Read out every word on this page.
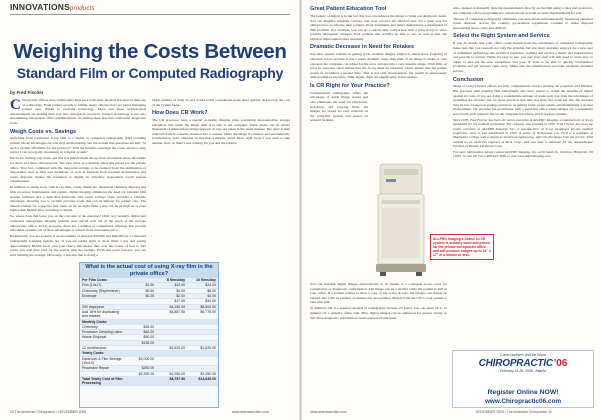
INNOVATIONSproducts
Weighing the Costs Between
Standard Film or Computed Radiography
by Fred Fischer

Chiropractic offices have traditionally kept pace with other medical practices in their use of technology. From patient records to billing, many chiropractors are better managing patient care, thanks to evolving technology. More and more technological advancements are making their way into chiropractic practices. Today's technology is not only streamlining chiropractic office administration, it's arming these practices with better diagnostic tools.

Weigh Costs vs. Savings

Switching from traditional X-ray film to a digital or computed radiography (CR) scanning system whose advantages are vast may seem enticing, but the bottom line questions are still, "Is such a system affordable for my practice?" Will the benefits outweigh the costs; and how long before I can recoup my investment in a digital system?

Prices are coming way down and that has helped make the up-front investment more affordable for more and more chiropractors. The new price of a desktop sized and priced for the private office. That fact, combined with the long-term savings to be realized from the elimination of disposables such as film and chemicals, as well as freedom from frequent maintenance and waste disposal, makes the transition to digital an attractive proposition worth serious consideration.

In addition to doing away with X-ray film, costly chemicals, hazardous chemical disposal and film processor maintenance and repairs, digital imaging eliminates the need for valuable film storage facilities and a dedicated darkroom. The space savings alone provides a valuable advantage, allowing you to reclaim precious room that can be utilized for patient care. The annual savings for a practice that takes an for an eight films a day can be as high as or even higher than $9,000 after switching to digital.

So, where does that leave you on the cost side of the equation? Until very recently, digital and computed radiography imaging systems were priced well out of the reach of the average chiropractic office. Today, however, there are a number of competitive offerings that provide affordable systems, all of these advantages at a much more reasonable price.

Realistically, you are looking at an investment of between $32,000 and $40,000 for a computed radiography scanning system. So, if you are taking eight or more films a day and saving approximately $8,000 every year (see chart), that means that, over the course of four to five years, you will have paid for the system with the savings. From that point forward, you can start banking the savings. Obviously, a practice that is doing a

larger number of daily X-rays would reach a breakeven point more quickly and recoup the cost of the system faster.

How Does CR Work?

The CR processor uses a special re-usable imaging plate containing photosensitive storage phosphors that retain the image until it is sent to the computer. These plates can be reused thousands of times before being replaced. X-rays are taken in the usual manner. The plate is then removed from its cassette, inserted into a scanner where the image is scanned, and automatically transferred to your computer in less than a minute. You'll know right away if you need to take another view, so there's less waiting for you and the patient.

What is the actual cost of using X-ray film in the private office?
Per Film Costs:	8 films/day	16 films/day
Film (14x17)	$1.50	$12.00	$24.00
Chemistry (Replenisher)	$0.50	$4.00	$8.00
Envelope	$0.25	$2.00	$4.00
$17.00	$34.00
250 days/year	$4,250.00	$8,500.00
Add 15% for duplicating and retakes
$4,887.50	$9,775.00
Monthly Costs:
Chemistry	$25.00
Processor Cleaning Labor	$60.00
Waste Disposal	$50.00
$135.00
12 months/year	$1,620.00	$1,620.00
Yearly Costs:
Darkroom & Film Storage (10x10)
$2,000.00
Processor Repair	$250.00
$2,250.00	$2,250.00	$2,250.00
Total Yearly Cost of Film Processing
$8,757.50	$13,645.00
Great Patient Education Tool

The beauty of digital is in the fact that you can enhance the image to bring out diagnostic detail. You can magnify, brighten contrast, and even colorize the affected area. It's a great way for chiropractors to educate their patients about treatments and better demonstrate a misaligned or disk problem. For example, you can do a side-by-side comparison with a prior X-ray to show positive therapeutic changes. Your patients will actually be able to see, as well as feel, the physical improvement after treatment.

Dramatic Decrease in Need for Retakes

You have greater latitude in getting good readable images. Digital is much more forgiving of exposure errors because it has a wider dynamic range than film. If an image is under or over exposed, the computer can adjust for the error and provide a very useable image. With film, an error in exposure often means that the X-ray must be repeated, which means that the patient would be irradiated a second time. This is not only inconvenient, but results in unnecessary added radiation exposure. With digital, there are significantly fewer retakes.

Is CR Right for Your Practice?

Computerized radiography offers the advantage of quick image access and also eliminates the need for viewboxes, searching, and copying films. All images are stored for easy retrieval on the computer system and stored on secured backups.

You can transmit digital images electronically to an instant to a colleague across town for consultation or diagnostic confirmation. The image can be e-mailed while the patient is still in your office. If a patient wishes to have a copy of his or her X-rays, the images can simply be burned onto CD's in a matter of minutes for just pennies. Simply hand the CD to your patient to take with him.

In addition, CR is a superior method of radiography because it's faster, you can share 10 to 15 minutes off a patient's office visit. Plus, digital images can be enhanced for greater clarity so that more diagnostic information can be extracted from them.

ALLPRO Imaging's ScanX 14 CR system is suitably sized and priced for the private chiropractic office and will produce images up to 14" x 17" in a minute or less.

Also, instead of manually drawing measurements directly on the film using a ruler and protractor, the computer can be programmed to automatically provide accurate measurements for you.

The use of computed radiography eliminates concerns about environmentally hazardous chemical waste disposal. Across the country, government regulations continue to make disposal increasingly more costly and difficult.

Select the Right System and Service

If you do decide that your office could benefit from the advantages of computed radiography, make sure that you research not only the systems, but also their customer support. As a new user of unfamiliar technology, the technical assistance, training and service a dealer and manufacturer can provide is critical. While it's easy to use, you and your staff will still need to learn how to adjust to and use the new equipment, and your IT want to be able to quickly troubleshoot problems and get answers right away. Make sure the manufacturer provides excellent customer service.

Conclusion

Many of today's newer offices are fully computerized and are starting out paperless and filmless. But practices with existing film radiography also have reason to weigh the benefits of digital against its costs. If you are doing a considerable amount of scans each day, then the advantages of switching are obvious; but for those practices that take less than five scans per day, the decision may be less focused on savings and more on getting faster, better results and maintaining a cleaner environment. CR provides the practitioner with a paperless office where images are conveniently stored with each patient's file on the computer hard drive and in backup systems.

Since 2005, Fred Fischer has been the senior executive at ALLPRO Imaging, a manufacturer of X-ray equipment for the medical profession. The company was founded in 1993. Fred Fischer has been the senior executive at ALLPRO Imaging, Inc., a manufacturer of X-ray equipment for the medical profession, since it was established in 1993. A native of Hollywood, CA, Fred is a graduate of Manhattan College with a degree in electrical engineering. After his discharge from the service, Fred worked as an electrical engineer at RCA Corp., and was later a salesman for the Alexanderstar Division of Bowton Dickinson Corp.

For more information, please contact ALLPRO Imaging, Inc. at 56 South St., 6th floor, Hicksville, NY 11801, or call toll free 1-800-645-3660 or visit www.allproimaging.com

Come Northern Visit the Show
CHIROPRACTIC '06
February 24-26, 2006 · Atlanta
Register Online NOW!
www.Chiropractic06.com
10 The American Chiropractor • NOVEMBER 2005	www.americanchiro.com	www.americanchiro.com	NOVEMBER 2005 • The American Chiropractor 11
